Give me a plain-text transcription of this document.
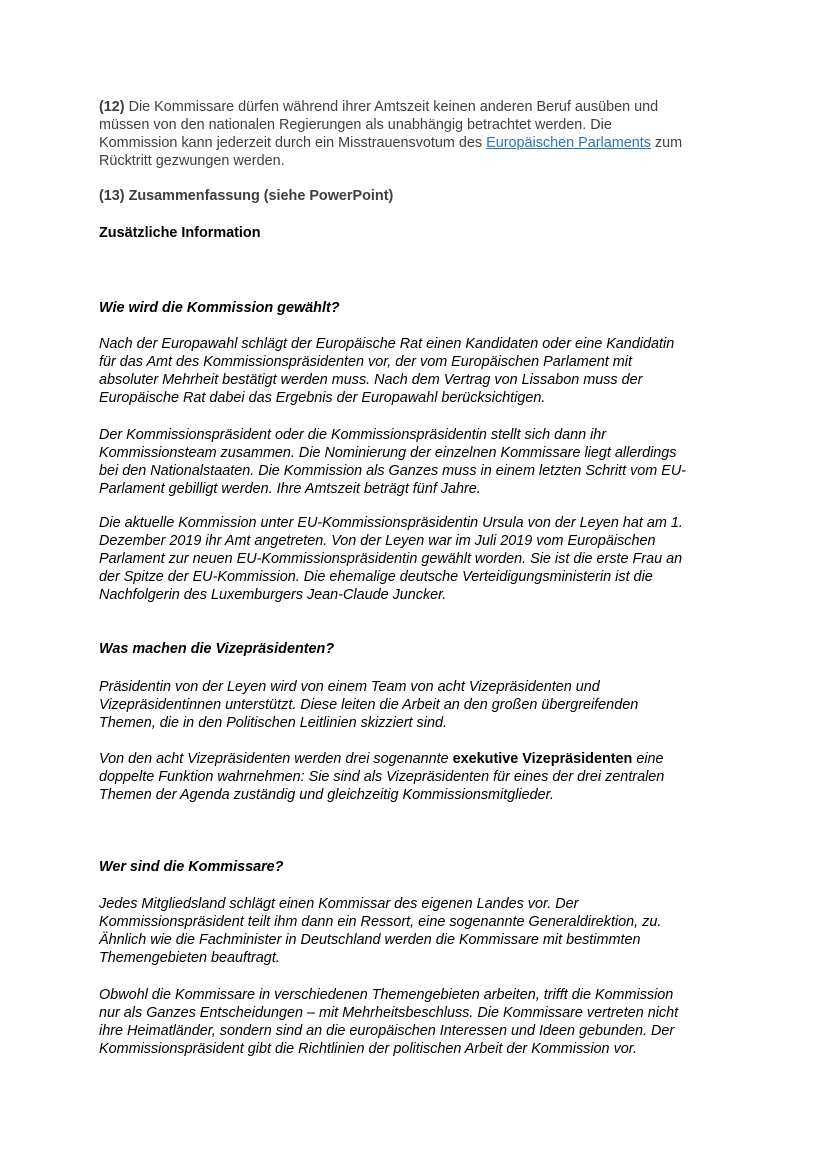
(12) Die Kommissare dürfen während ihrer Amtszeit keinen anderen Beruf ausüben und
müssen von den nationalen Regierungen als unabhängig betrachtet werden. Die
Kommission kann jederzeit durch ein Misstrauensvotum des Europäischen Parlaments zum
Rücktritt gezwungen werden.
(13) Zusammenfassung (siehe PowerPoint)
Zusätzliche Information
Wie wird die Kommission gewählt?
Nach der Europawahl schlägt der Europäische Rat einen Kandidaten oder eine Kandidatin
für das Amt des Kommissionspräsidenten vor, der vom Europäischen Parlament mit
absoluter Mehrheit bestätigt werden muss. Nach dem Vertrag von Lissabon muss der
Europäische Rat dabei das Ergebnis der Europawahl berücksichtigen.
Der Kommissionspräsident oder die Kommissionspräsidentin stellt sich dann ihr
Kommissionsteam zusammen. Die Nominierung der einzelnen Kommissare liegt allerdings
bei den Nationalstaaten. Die Kommission als Ganzes muss in einem letzten Schritt vom EU-
Parlament gebilligt werden. Ihre Amtszeit beträgt fünf Jahre.
Die aktuelle Kommission unter EU-Kommissionspräsidentin Ursula von der Leyen hat am 1.
Dezember 2019 ihr Amt angetreten. Von der Leyen war im Juli 2019 vom Europäischen
Parlament zur neuen EU-Kommissionspräsidentin gewählt worden. Sie ist die erste Frau an
der Spitze der EU-Kommission. Die ehemalige deutsche Verteidigungsministerin ist die
Nachfolgerin des Luxemburgers Jean-Claude Juncker.
Was machen die Vizepräsidenten?
Präsidentin von der Leyen wird von einem Team von acht Vizepräsidenten und
Vizepräsidentinnen unterstützt. Diese leiten die Arbeit an den großen übergreifenden
Themen, die in den Politischen Leitlinien skizziert sind.
Von den acht Vizepräsidenten werden drei sogenannte exekutive Vizepräsidenten eine
doppelte Funktion wahrnehmen: Sie sind als Vizepräsidenten für eines der drei zentralen
Themen der Agenda zuständig und gleichzeitig Kommissionsmitglieder.
Wer sind die Kommissare?
Jedes Mitgliedsland schlägt einen Kommissar des eigenen Landes vor. Der
Kommissionspräsident teilt ihm dann ein Ressort, eine sogenannte Generaldirektion, zu.
Ähnlich wie die Fachminister in Deutschland werden die Kommissare mit bestimmten
Themengebieten beauftragt.
Obwohl die Kommissare in verschiedenen Themengebieten arbeiten, trifft die Kommission
nur als Ganzes Entscheidungen – mit Mehrheitsbeschluss. Die Kommissare vertreten nicht
ihre Heimatländer, sondern sind an die europäischen Interessen und Ideen gebunden. Der
Kommissionspräsident gibt die Richtlinien der politischen Arbeit der Kommission vor.
